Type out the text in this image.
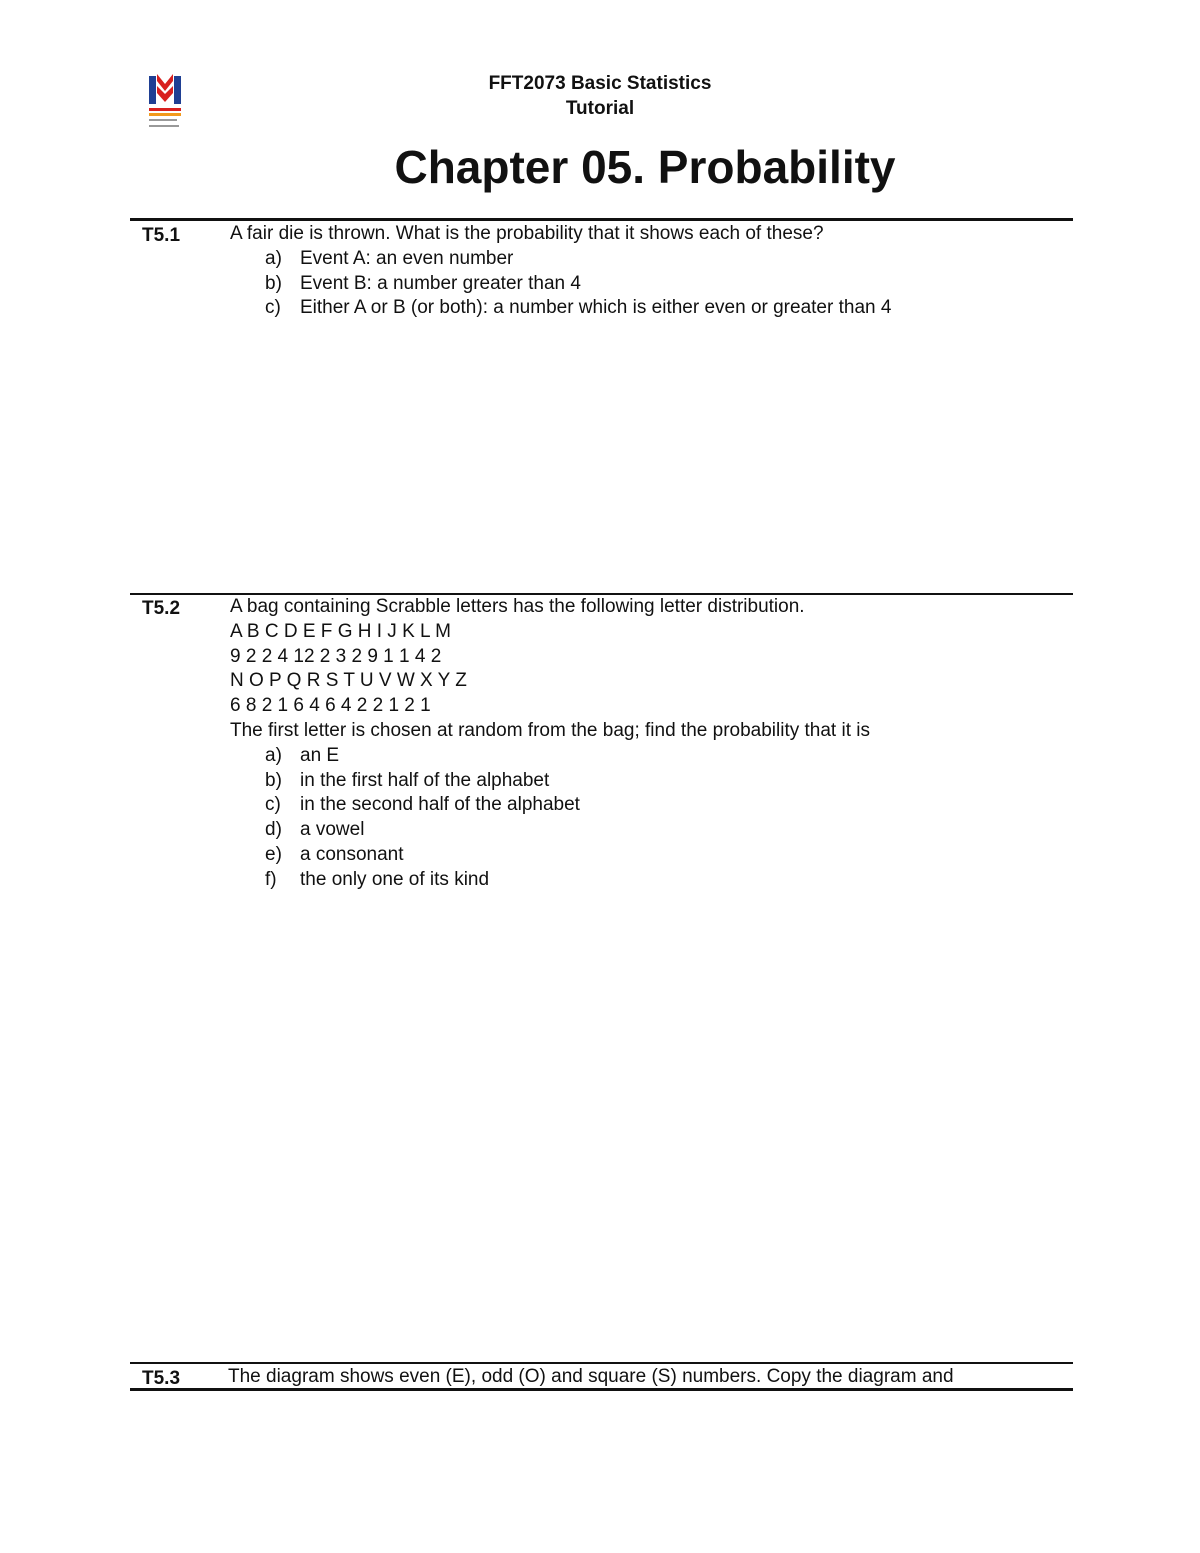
FFT2073 Basic Statistics
Tutorial
Chapter 05. Probability
T5.1	A fair die is thrown. What is the probability that it shows each of these?
a) Event A: an even number
b) Event B: a number greater than 4
c) Either A or B (or both): a number which is either even or greater than 4
T5.2	A bag containing Scrabble letters has the following letter distribution.
A B C D E F G H I J K L M
9 2 2 4 12 2 3 2 9 1 1 4 2
N O P Q R S T U V W X Y Z
6 8 2 1 6 4 6 4 2 2 1 2 1
The first letter is chosen at random from the bag; find the probability that it is
a) an E
b) in the first half of the alphabet
c) in the second half of the alphabet
d) a vowel
e) a consonant
f) the only one of its kind
T5.3	The diagram shows even (E), odd (O) and square (S) numbers. Copy the diagram and
